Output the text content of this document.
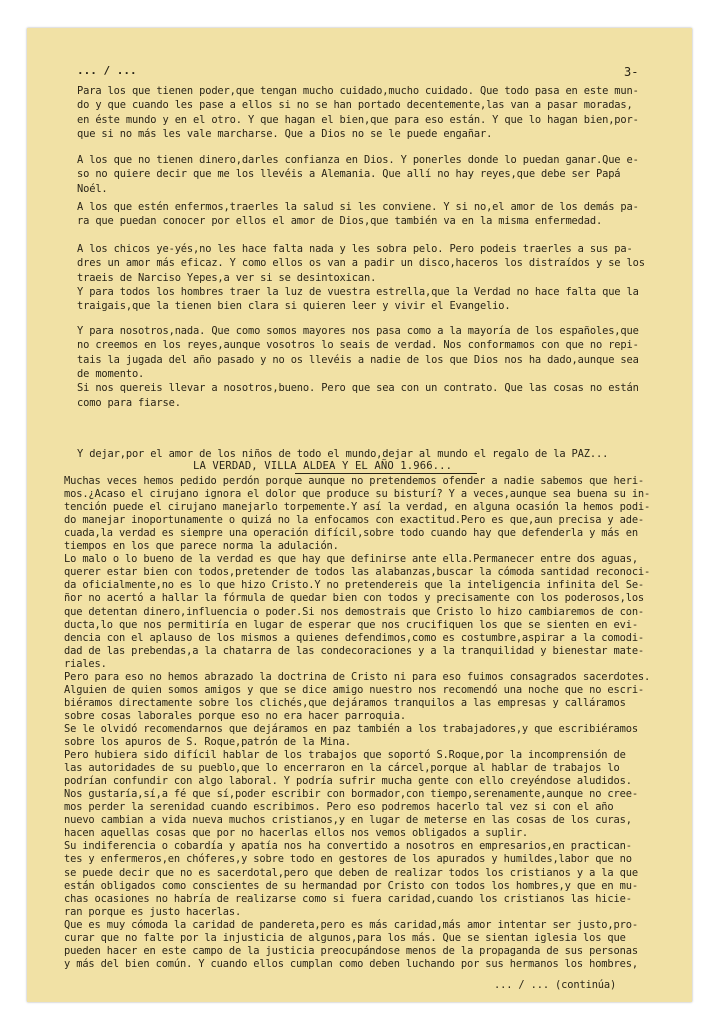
... / ...	3-
Para los que tienen poder,que tengan mucho cuidado,mucho cuidado. Que todo pasa en este mun-
do y que cuando les pase a ellos si no se han portado decentemente,las van a pasar moradas,
en éste mundo y en el otro. Y que hagan el bien,que para eso están. Y que lo hagan bien,por-
que si no más les vale marcharse. Que a Dios no se le puede engañar.
A los que no tienen dinero,darles confianza en Dios. Y ponerles donde lo puedan ganar.Que e-
so no quiere decir que me los llevéis a Alemania. Que allí no hay reyes,que debe ser Papá
Noél.
A los que estén enfermos,traerles la salud si les conviene. Y si no,el amor de los demás pa-
ra que puedan conocer por ellos el amor de Dios,que también va en la misma enfermedad.
A los chicos ye-yés,no les hace falta nada y les sobra pelo. Pero podeis traerles a sus pa-
dres un amor más eficaz. Y como ellos os van a padir un disco,haceros los distraídos y se los
traeis de Narciso Yepes,a ver si se desintoxican.
Y para todos los hombres traer la luz de vuestra estrella,que la Verdad no hace falta que la
traigais,que la tienen bien clara si quieren leer y vivir el Evangelio.
Y para nosotros,nada. Que como somos mayores nos pasa como a la mayoría de los españoles,que
no creemos en los reyes,aunque vosotros lo seais de verdad. Nos conformamos con que no repi-
tais la jugada del año pasado y no os llevéis a nadie de los que Dios nos ha dado,aunque sea
de momento.
Si nos quereis llevar a nosotros,bueno. Pero que sea con un contrato. Que las cosas no están
como para fiarse.
Y dejar,por el amor de los niños de todo el mundo,dejar al mundo el regalo de la PAZ...
LA VERDAD, VILLA ALDEA Y EL AÑO 1.966...
Muchas veces hemos pedido perdón porque aunque no pretendemos ofender a nadie sabemos que heri-
mos.¿Acaso el cirujano ignora el dolor que produce su bisturí? Y a veces,aunque sea buena su in-
tención puede el cirujano manejarlo torpemente.Y así la verdad, en alguna ocasión la hemos podi-
do manejar inoportunamente o quizá no la enfocamos con exactitud.Pero es que,aun precisa y ade-
cuada,la verdad es siempre una operación difícil,sobre todo cuando hay que defenderla y más en
tiempos en los que parece norma la adulación.
Lo malo o lo bueno de la verdad es que hay que definirse ante ella.Permanecer entre dos aguas,
querer estar bien con todos,pretender de todos las alabanzas,buscar la cómoda santidad reconoci-
da oficialmente,no es lo que hizo Cristo.Y no pretendereis que la inteligencia infinita del Se-
ñor no acertó a hallar la fórmula de quedar bien con todos y precisamente con los poderosos,los
que detentan dinero,influencia o poder.Si nos demostrais que Cristo lo hizo cambiaremos de con-
ducta,lo que nos permitiría en lugar de esperar que nos crucifiquen los que se sienten en evi-
dencia con el aplauso de los mismos a quienes defendimos,como es costumbre,aspirar a la comodi-
dad de las prebendas,a la chatarra de las condecoraciones y a la tranquilidad y bienestar mate-
riales.
Pero para eso no hemos abrazado la doctrina de Cristo ni para eso fuimos consagrados sacerdotes.
Alguien de quien somos amigos y que se dice amigo nuestro nos recomendó una noche que no escri-
biéramos directamente sobre los clichés,que dejáramos tranquilos a las empresas y calláramos
sobre cosas laborales porque eso no era hacer parroquia.
Se le olvidó recomendarnos que dejáramos en paz también a los trabajadores,y que escribiéramos
sobre los apuros de S. Roque,patrón de la Mina.
Pero hubiera sido difícil hablar de los trabajos que soportó S.Roque,por la incomprensión de
las autoridades de su pueblo,que lo encerraron en la cárcel,porque al hablar de trabajos lo
podrían confundir con algo laboral. Y podría sufrir mucha gente con ello creyéndose aludidos.
Nos gustaría,sí,a fé que sí,poder escribir con bormador,con tiempo,serenamente,aunque no cree-
mos perder la serenidad cuando escribimos. Pero eso podremos hacerlo tal vez si con el año
nuevo cambian a vida nueva muchos cristianos,y en lugar de meterse en las cosas de los curas,
hacen aquellas cosas que por no hacerlas ellos nos vemos obligados a suplir.
Su indiferencia o cobardía y apatía nos ha convertido a nosotros en empresarios,en practican-
tes y enfermeros,en chóferes,y sobre todo en gestores de los apurados y humildes,labor que no
se puede decir que no es sacerdotal,pero que deben de realizar todos los cristianos y a la que
están obligados como conscientes de su hermandad por Cristo con todos los hombres,y que en mu-
chas ocasiones no habría de realizarse como si fuera caridad,cuando los cristianos las hicie-
ran porque es justo hacerlas.
Que es muy cómoda la caridad de pandereta,pero es más caridad,más amor intentar ser justo,pro-
curar que no falte por la injusticia de algunos,para los más. Que se sientan iglesia los que
pueden hacer en este campo de la justicia preocupándose menos de la propaganda de sus personas
y más del bien común. Y cuando ellos cumplan como deben luchando por sus hermanos los hombres,
... / ... (continúa)
